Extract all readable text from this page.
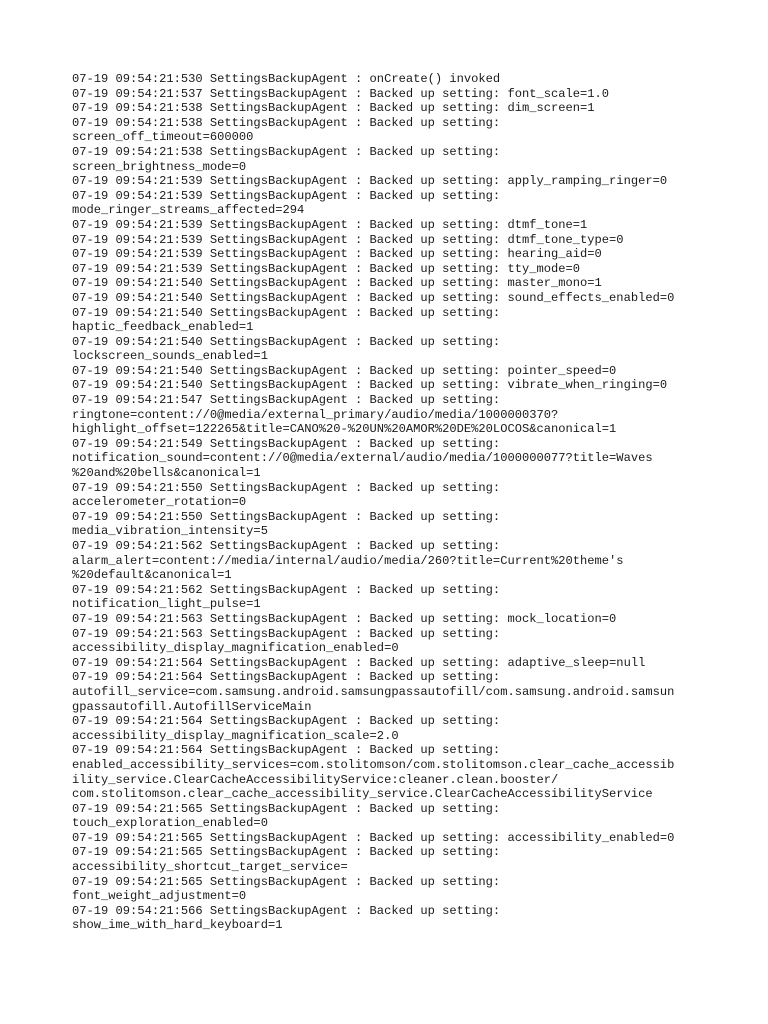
07-19 09:54:21:530 SettingsBackupAgent : onCreate() invoked
07-19 09:54:21:537 SettingsBackupAgent : Backed up setting: font_scale=1.0
07-19 09:54:21:538 SettingsBackupAgent : Backed up setting: dim_screen=1
07-19 09:54:21:538 SettingsBackupAgent : Backed up setting:
screen_off_timeout=600000
07-19 09:54:21:538 SettingsBackupAgent : Backed up setting:
screen_brightness_mode=0
07-19 09:54:21:539 SettingsBackupAgent : Backed up setting: apply_ramping_ringer=0
07-19 09:54:21:539 SettingsBackupAgent : Backed up setting:
mode_ringer_streams_affected=294
07-19 09:54:21:539 SettingsBackupAgent : Backed up setting: dtmf_tone=1
07-19 09:54:21:539 SettingsBackupAgent : Backed up setting: dtmf_tone_type=0
07-19 09:54:21:539 SettingsBackupAgent : Backed up setting: hearing_aid=0
07-19 09:54:21:539 SettingsBackupAgent : Backed up setting: tty_mode=0
07-19 09:54:21:540 SettingsBackupAgent : Backed up setting: master_mono=1
07-19 09:54:21:540 SettingsBackupAgent : Backed up setting: sound_effects_enabled=0
07-19 09:54:21:540 SettingsBackupAgent : Backed up setting:
haptic_feedback_enabled=1
07-19 09:54:21:540 SettingsBackupAgent : Backed up setting:
lockscreen_sounds_enabled=1
07-19 09:54:21:540 SettingsBackupAgent : Backed up setting: pointer_speed=0
07-19 09:54:21:540 SettingsBackupAgent : Backed up setting: vibrate_when_ringing=0
07-19 09:54:21:547 SettingsBackupAgent : Backed up setting:
ringtone=content://0@media/external_primary/audio/media/1000000370?
highlight_offset=122265&title=CANO%20-%20UN%20AMOR%20DE%20LOCOS&canonical=1
07-19 09:54:21:549 SettingsBackupAgent : Backed up setting:
notification_sound=content://0@media/external/audio/media/1000000077?title=Waves
%20and%20bells&canonical=1
07-19 09:54:21:550 SettingsBackupAgent : Backed up setting:
accelerometer_rotation=0
07-19 09:54:21:550 SettingsBackupAgent : Backed up setting:
media_vibration_intensity=5
07-19 09:54:21:562 SettingsBackupAgent : Backed up setting:
alarm_alert=content://media/internal/audio/media/260?title=Current%20theme's
%20default&canonical=1
07-19 09:54:21:562 SettingsBackupAgent : Backed up setting:
notification_light_pulse=1
07-19 09:54:21:563 SettingsBackupAgent : Backed up setting: mock_location=0
07-19 09:54:21:563 SettingsBackupAgent : Backed up setting:
accessibility_display_magnification_enabled=0
07-19 09:54:21:564 SettingsBackupAgent : Backed up setting: adaptive_sleep=null
07-19 09:54:21:564 SettingsBackupAgent : Backed up setting:
autofill_service=com.samsung.android.samsungpassautofill/com.samsung.android.samsun
gpassautofill.AutofillServiceMain
07-19 09:54:21:564 SettingsBackupAgent : Backed up setting:
accessibility_display_magnification_scale=2.0
07-19 09:54:21:564 SettingsBackupAgent : Backed up setting:
enabled_accessibility_services=com.stolitomson/com.stolitomson.clear_cache_accessib
ility_service.ClearCacheAccessibilityService:cleaner.clean.booster/
com.stolitomson.clear_cache_accessibility_service.ClearCacheAccessibilityService
07-19 09:54:21:565 SettingsBackupAgent : Backed up setting:
touch_exploration_enabled=0
07-19 09:54:21:565 SettingsBackupAgent : Backed up setting: accessibility_enabled=0
07-19 09:54:21:565 SettingsBackupAgent : Backed up setting:
accessibility_shortcut_target_service=
07-19 09:54:21:565 SettingsBackupAgent : Backed up setting:
font_weight_adjustment=0
07-19 09:54:21:566 SettingsBackupAgent : Backed up setting:
show_ime_with_hard_keyboard=1
